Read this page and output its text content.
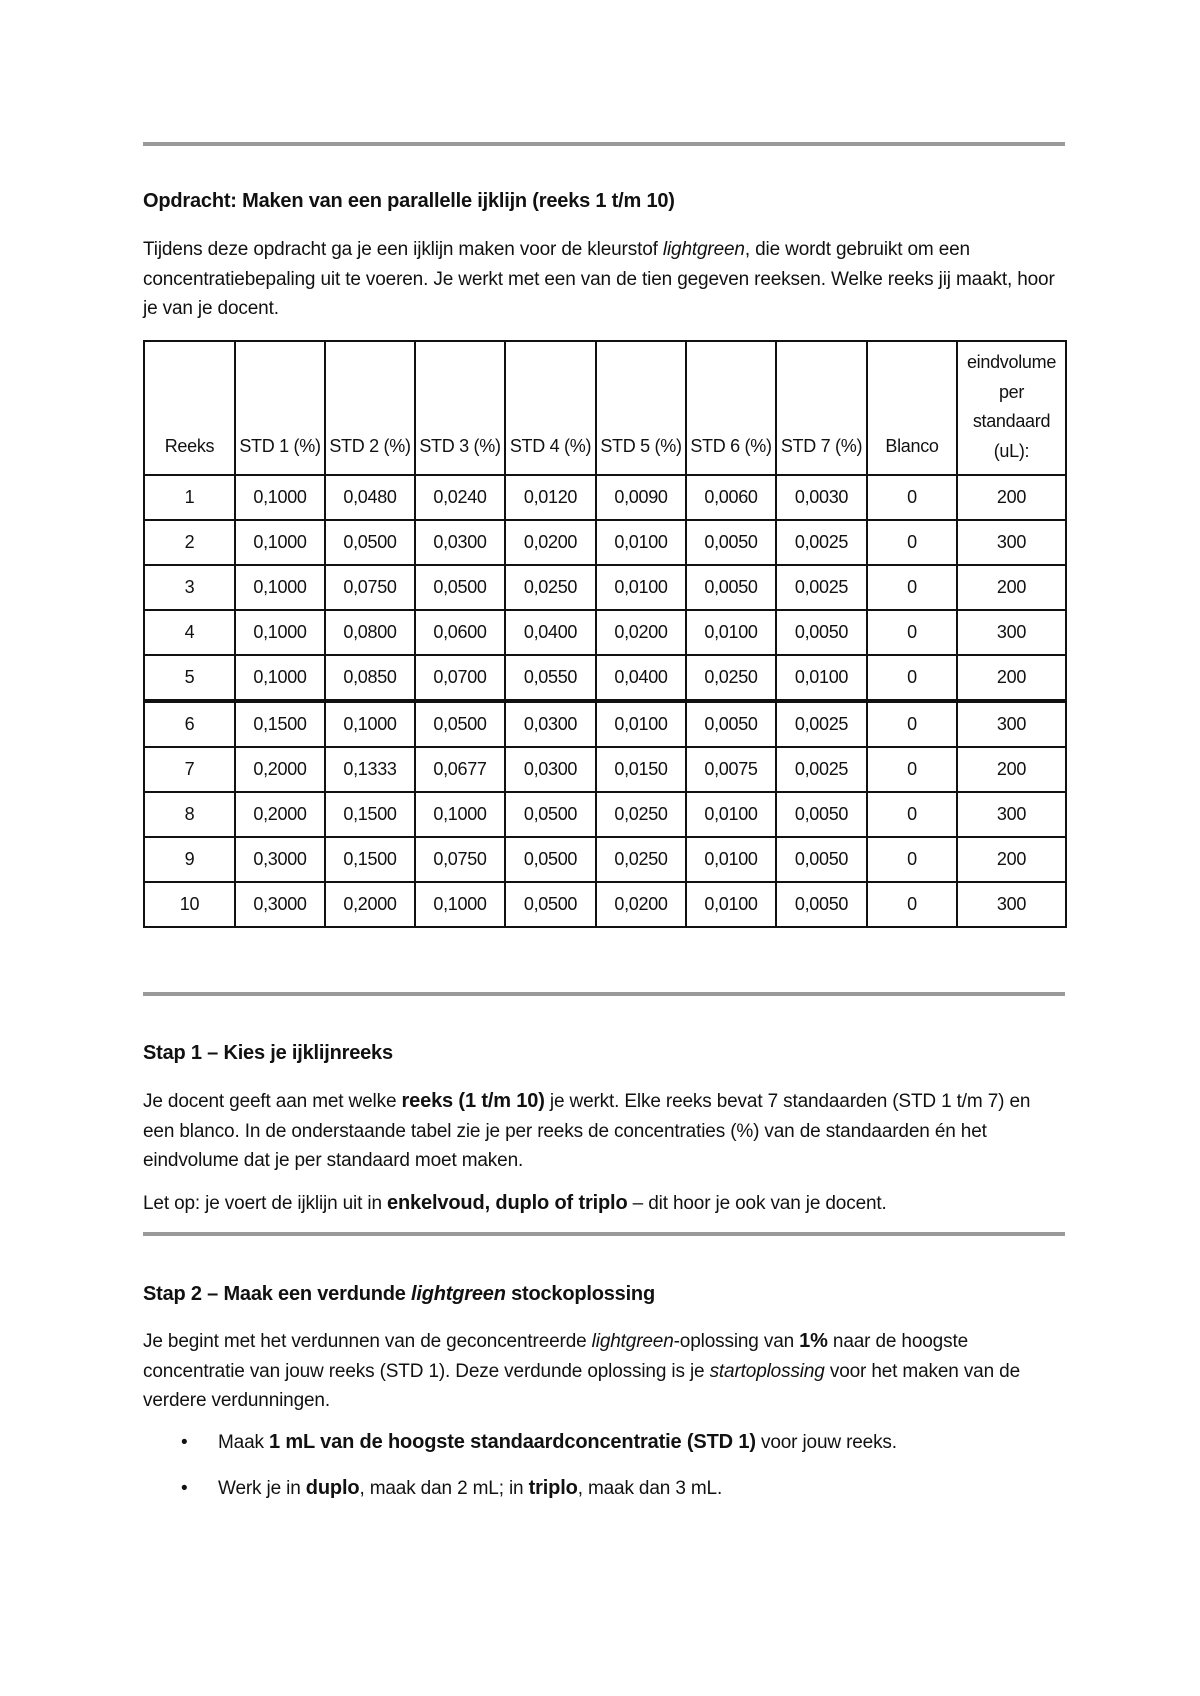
Opdracht: Maken van een parallelle ijklijn (reeks 1 t/m 10)
Tijdens deze opdracht ga je een ijklijn maken voor de kleurstof lightgreen, die wordt gebruikt om een concentratiebepaling uit te voeren. Je werkt met een van de tien gegeven reeksen. Welke reeks jij maakt, hoor je van je docent.
Reeks	STD 1 (%)	STD 2 (%)	STD 3 (%)	STD 4 (%)	STD 5 (%)	STD 6 (%)	STD 7 (%)	Blanco	eindvolume per standaard (uL):
1	0,1000	0,0480	0,0240	0,0120	0,0090	0,0060	0,0030	0	200
2	0,1000	0,0500	0,0300	0,0200	0,0100	0,0050	0,0025	0	300
3	0,1000	0,0750	0,0500	0,0250	0,0100	0,0050	0,0025	0	200
4	0,1000	0,0800	0,0600	0,0400	0,0200	0,0100	0,0050	0	300
5	0,1000	0,0850	0,0700	0,0550	0,0400	0,0250	0,0100	0	200
6	0,1500	0,1000	0,0500	0,0300	0,0100	0,0050	0,0025	0	300
7	0,2000	0,1333	0,0677	0,0300	0,0150	0,0075	0,0025	0	200
8	0,2000	0,1500	0,1000	0,0500	0,0250	0,0100	0,0050	0	300
9	0,3000	0,1500	0,0750	0,0500	0,0250	0,0100	0,0050	0	200
10	0,3000	0,2000	0,1000	0,0500	0,0200	0,0100	0,0050	0	300
Stap 1 – Kies je ijklijnreeks
Je docent geeft aan met welke reeks (1 t/m 10) je werkt. Elke reeks bevat 7 standaarden (STD 1 t/m 7) en een blanco. In de onderstaande tabel zie je per reeks de concentraties (%) van de standaarden én het eindvolume dat je per standaard moet maken.
Let op: je voert de ijklijn uit in enkelvoud, duplo of triplo – dit hoor je ook van je docent.
Stap 2 – Maak een verdunde lightgreen stockoplossing
Je begint met het verdunnen van de geconcentreerde lightgreen-oplossing van 1% naar de hoogste concentratie van jouw reeks (STD 1). Deze verdunde oplossing is je startoplossing voor het maken van de verdere verdunningen.
• Maak 1 mL van de hoogste standaardconcentratie (STD 1) voor jouw reeks.
• Werk je in duplo, maak dan 2 mL; in triplo, maak dan 3 mL.
